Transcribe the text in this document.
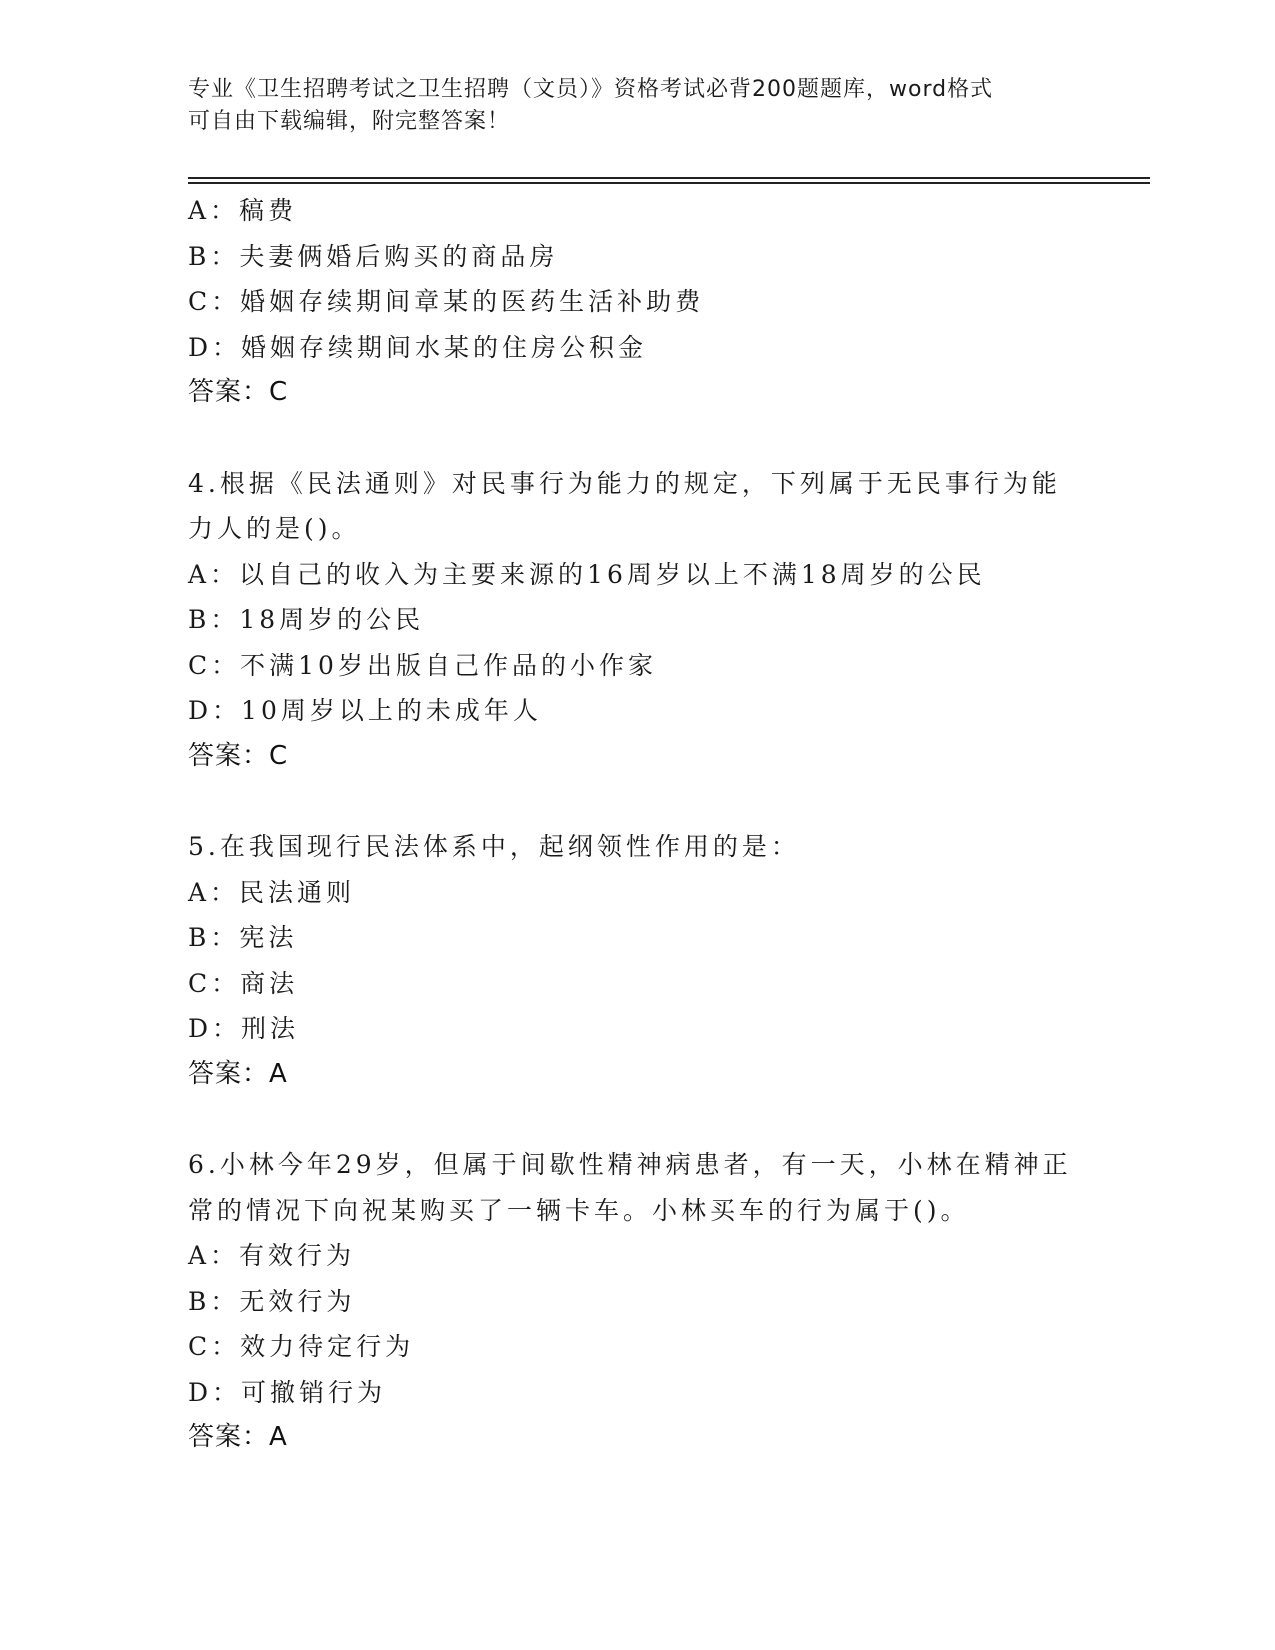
专业《卫生招聘考试之卫生招聘（文员）》资格考试必背200题题库，word格式
可自由下载编辑，附完整答案！
A：稿费
B：夫妻俩婚后购买的商品房
C：婚姻存续期间章某的医药生活补助费
D：婚姻存续期间水某的住房公积金
答案：C
4.根据《民法通则》对民事行为能力的规定，下列属于无民事行为能
力人的是()。
A：以自己的收入为主要来源的16周岁以上不满18周岁的公民
B：18周岁的公民
C：不满10岁出版自己作品的小作家
D：10周岁以上的未成年人
答案：C
5.在我国现行民法体系中，起纲领性作用的是：
A：民法通则
B：宪法
C：商法
D：刑法
答案：A
6.小林今年29岁，但属于间歇性精神病患者，有一天，小林在精神正
常的情况下向祝某购买了一辆卡车。小林买车的行为属于()。
A：有效行为
B：无效行为
C：效力待定行为
D：可撤销行为
答案：A
